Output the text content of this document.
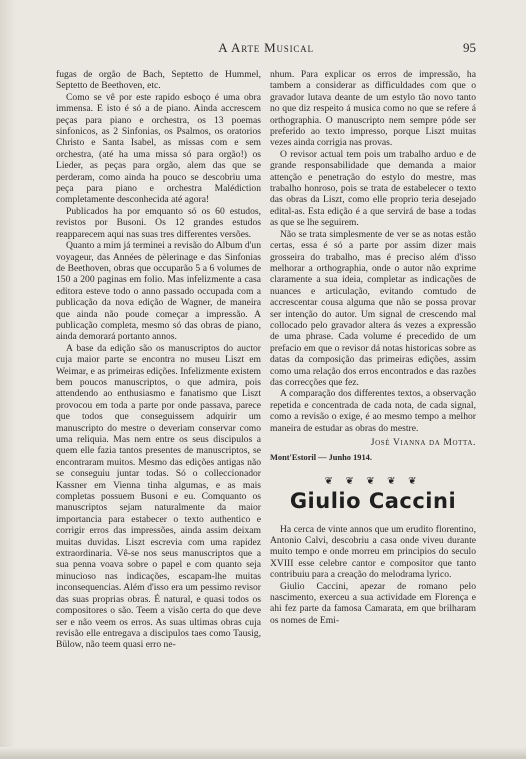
A Arte Musical	95

fugas de orgão de Bach, Septetto de Hummel, Septetto de Beethoven, etc.

Como se vê por este rapido esboço é uma obra immensa. E isto é só a de piano. Ainda accrescem peças para piano e orchestra, os 13 poemas sinfonicos, as 2 Sinfonias, os Psalmos, os oratorios Christo e Santa Isabel, as missas com e sem orchestra, (até ha uma missa só para orgão!) os Lieder, as peças para orgão, alem das que se perderam, como ainda ha pouco se descobriu uma peça para piano e orchestra Malédiction completamente desconhecida até agora!

Publicados ha por emquanto só os 60 estudos, revistos por Busoni. Os 12 grandes estudos reapparecem aqui nas suas tres differentes versões.

Quanto a mim já terminei a revisão do Album d'un voyageur, das Années de pèlerinage e das Sinfonias de Beethoven, obras que occuparão 5 a 6 volumes de 150 a 200 paginas em folio. Mas infelizmente a casa editora esteve todo o anno passado occupada com a publicação da nova edição de Wagner, de maneira que ainda não poude começar a impressão. A publicação completa, mesmo só das obras de piano, ainda demorará portanto annos.

A base da edição são os manuscriptos do auctor cuja maior parte se encontra no museu Liszt em Weimar, e as primeiras edições. Infelizmente existem bem poucos manuscriptos, o que admira, pois attendendo ao enthusiasmo e fanatismo que Liszt provocou em toda a parte por onde passava, parece que todos que conseguissem adquirir um manuscripto do mestre o deveriam conservar como uma reliquia. Mas nem entre os seus discipulos a quem elle fazia tantos presentes de manuscriptos, se encontraram muitos. Mesmo das edições antigas não se conseguiu juntar todas. Só o colleccionador Kassner em Vienna tinha algumas, e as mais completas possuem Busoni e eu. Comquanto os manuscriptos sejam naturalmente da maior importancia para estabecer o texto authentico e corrigir erros das impressões, ainda assim deixam muitas duvidas. Liszt escrevia com uma rapidez extraordinaria. Vê-se nos seus manuscriptos que a sua penna voava sobre o papel e com quanto seja minucioso nas indicações, escapam-lhe muitas inconsequencias. Além d'isso era um pessimo revisor das suas proprias obras. É natural, e quasi todos os compositores o são. Teem a visão certa do que deve ser e não veem os erros. As suas ultimas obras cuja revisão elle entregava a discipulos taes como Tausig, Bülow, não teem quasi erro ne-

nhum. Para explicar os erros de impressão, ha tambem a considerar as difficuldades com que o gravador lutava deante de um estylo tão novo tanto no que diz respeito á musica como no que se refere á orthographia. O manuscripto nem sempre póde ser preferido ao texto impresso, porque Liszt muitas vezes ainda corrigia nas provas.

O revisor actual tem pois um trabalho arduo e de grande responsabilidade que demanda a maior attenção e penetração do estylo do mestre, mas trabalho honroso, pois se trata de estabelecer o texto das obras da Liszt, como elle proprio teria desejado edital-as. Esta edição é a que servirá de base a todas as que se lhe seguirem.

Não se trata simplesmente de ver se as notas estão certas, essa é só a parte por assim dizer mais grosseira do trabalho, mas é preciso além d'isso melhorar a orthographia, onde o autor não exprime claramente a sua ideia, completar as indicações de nuances e articulação, evitando comtudo de accrescentar cousa alguma que não se possa provar ser intenção do autor. Um signal de crescendo mal collocado pelo gravador altera ás vezes a expressão de uma phrase. Cada volume é precedido de um prefacio em que o revisor dá notas historicas sobre as datas da composição das primeiras edições, assim como uma relação dos erros encontrados e das razões das correcções que fez.

A comparação dos differentes textos, a observação repetida e concentrada de cada nota, de cada signal, como a revisão o exige, é ao mesmo tempo a melhor maneira de estudar as obras do mestre.

José Vianna da Motta.
Mont'Estoril — Junho 1914.
❦ ❦ ❦ ❦ ❦
Giulio Caccini

Ha cerca de vinte annos que um erudito florentino, Antonio Calvi, descobriu a casa onde viveu durante muito tempo e onde morreu em principios do seculo XVIII esse celebre cantor e compositor que tanto contribuiu para a creação do melodrama lyrico.

Giulio Caccini, apezar de romano pelo nascimento, exerceu a sua actividade em Florença e ahi fez parte da famosa Camarata, em que brilharam os nomes de Emi-
